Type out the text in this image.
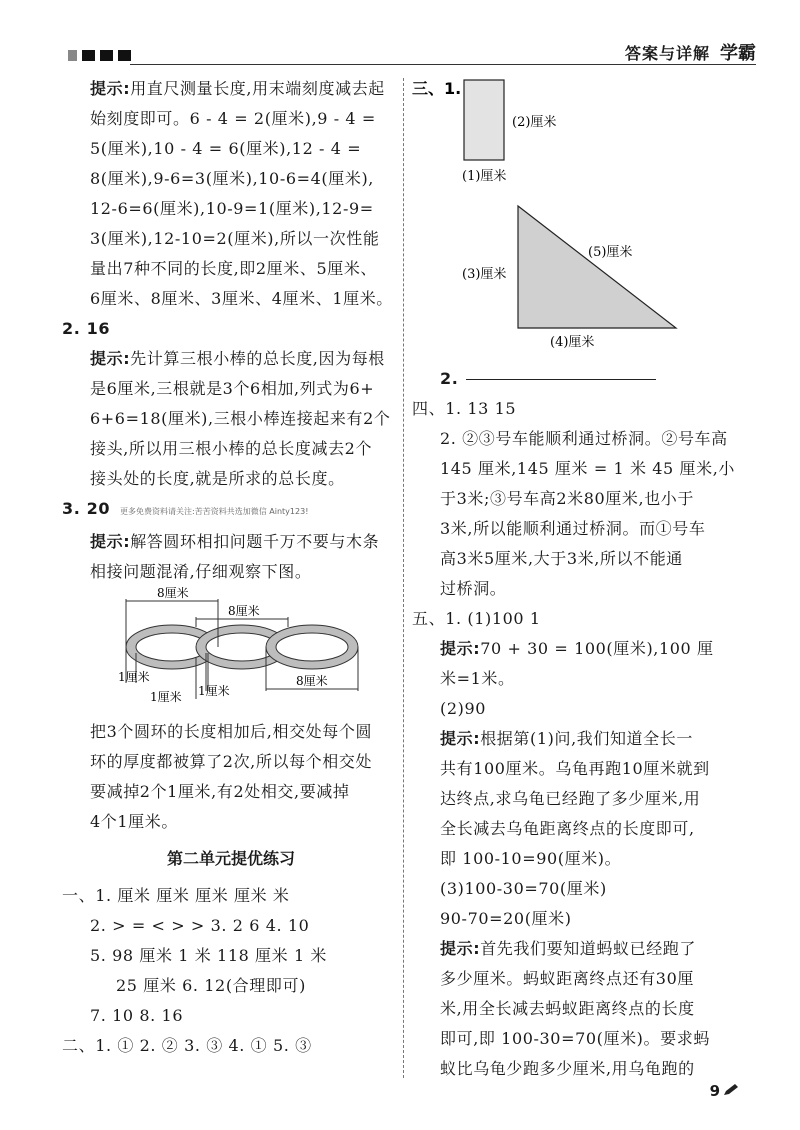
答案与详解 学霸

提示:用直尺测量长度,用末端刻度减去起

始刻度即可。6 - 4 = 2(厘米),9 - 4 =

5(厘米),10 - 4 = 6(厘米),12 - 4 =

8(厘米),9-6=3(厘米),10-6=4(厘米),

12-6=6(厘米),10-9=1(厘米),12-9=

3(厘米),12-10=2(厘米),所以一次性能

量出7种不同的长度,即2厘米、5厘米、

6厘米、8厘米、3厘米、4厘米、1厘米。

2. 16

提示:先计算三根小棒的总长度,因为每根

是6厘米,三根就是3个6相加,列式为6+

6+6=18(厘米),三根小棒连接起来有2个

接头,所以用三根小棒的总长度减去2个

接头处的长度,就是所求的总长度。

3. 20 更多免费资料请关注:苦苦资料共选加微信 Ainty123!

提示:解答圆环相扣问题千万不要与木条

相接问题混淆,仔细观察下图。

8厘米
8厘米
8厘米
1厘米
1厘米 1厘米

把3个圆环的长度相加后,相交处每个圆

环的厚度都被算了2次,所以每个相交处

要减掉2个1厘米,有2处相交,要减掉

4个1厘米。

第二单元提优练习

一、1. 厘米 厘米 厘米 厘米 米

2. > = < > > 3. 2 6 4. 10

5. 98 厘米 1 米 118 厘米 1 米

25 厘米 6. 12(合理即可)

7. 10 8. 16

二、1. ① 2. ② 3. ③ 4. ① 5. ③

三、1.
(2)厘米
(1)厘米
(5)厘米
(3)厘米
(4)厘米

2.

四、1. 13 15

2. ②③号车能顺利通过桥洞。②号车高

145 厘米,145 厘米 = 1 米 45 厘米,小

于3米;③号车高2米80厘米,也小于

3米,所以能顺利通过桥洞。而①号车

高3米5厘米,大于3米,所以不能通

过桥洞。

五、1. (1)100 1

提示:70 + 30 = 100(厘米),100 厘

米=1米。

(2)90

提示:根据第(1)问,我们知道全长一

共有100厘米。乌龟再跑10厘米就到

达终点,求乌龟已经跑了多少厘米,用

全长减去乌龟距离终点的长度即可,

即 100-10=90(厘米)。

(3)100-30=70(厘米)

90-70=20(厘米)

提示:首先我们要知道蚂蚁已经跑了

多少厘米。蚂蚁距离终点还有30厘

米,用全长减去蚂蚁距离终点的长度

即可,即 100-30=70(厘米)。要求蚂

蚁比乌龟少跑多少厘米,用乌龟跑的

9
